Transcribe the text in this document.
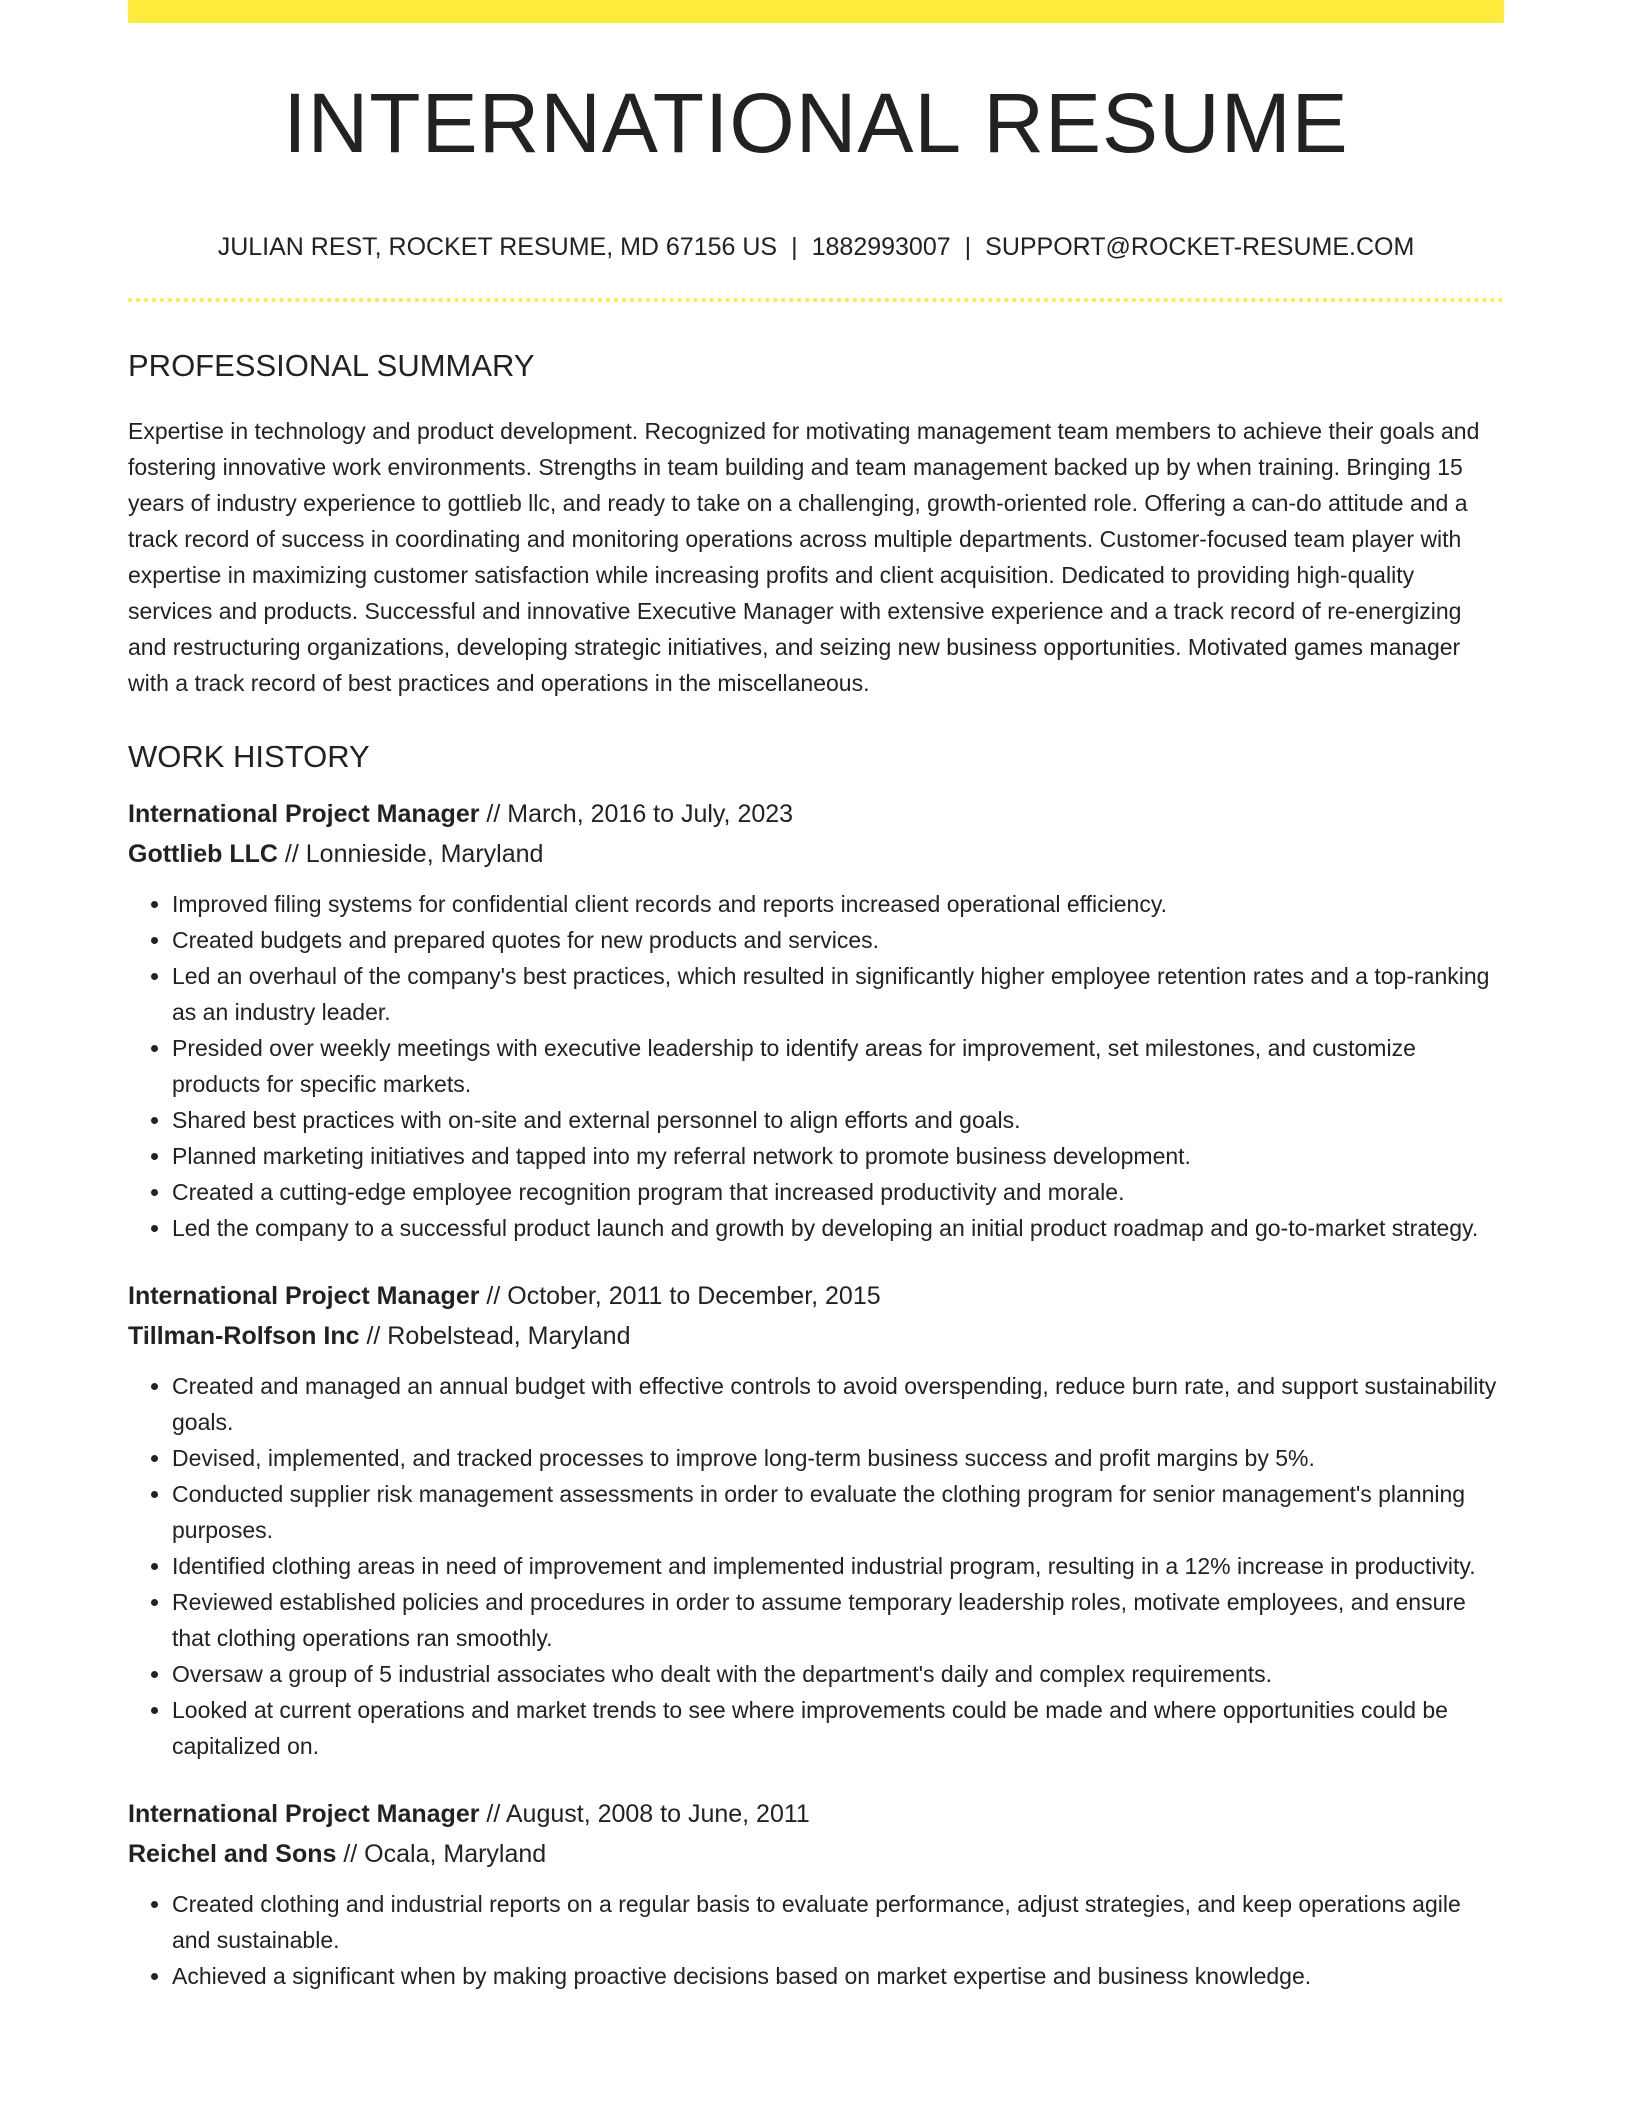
INTERNATIONAL RESUME
JULIAN REST, ROCKET RESUME, MD 67156 US | 1882993007 | SUPPORT@ROCKET-RESUME.COM
PROFESSIONAL SUMMARY

Expertise in technology and product development. Recognized for motivating management team members to achieve their goals and fostering innovative work environments. Strengths in team building and team management backed up by when training. Bringing 15 years of industry experience to gottlieb llc, and ready to take on a challenging, growth-oriented role. Offering a can-do attitude and a track record of success in coordinating and monitoring operations across multiple departments. Customer-focused team player with expertise in maximizing customer satisfaction while increasing profits and client acquisition. Dedicated to providing high-quality services and products. Successful and innovative Executive Manager with extensive experience and a track record of re-energizing and restructuring organizations, developing strategic initiatives, and seizing new business opportunities. Motivated games manager with a track record of best practices and operations in the miscellaneous.

WORK HISTORY
International Project Manager // March, 2016 to July, 2023
Gottlieb LLC // Lonnieside, Maryland
• Improved filing systems for confidential client records and reports increased operational efficiency.
• Created budgets and prepared quotes for new products and services.
• Led an overhaul of the company's best practices, which resulted in significantly higher employee retention rates and a top-ranking as an industry leader.
• Presided over weekly meetings with executive leadership to identify areas for improvement, set milestones, and customize products for specific markets.
• Shared best practices with on-site and external personnel to align efforts and goals.
• Planned marketing initiatives and tapped into my referral network to promote business development.
• Created a cutting-edge employee recognition program that increased productivity and morale.
• Led the company to a successful product launch and growth by developing an initial product roadmap and go-to-market strategy.
International Project Manager // October, 2011 to December, 2015
Tillman-Rolfson Inc // Robelstead, Maryland
• Created and managed an annual budget with effective controls to avoid overspending, reduce burn rate, and support sustainability goals.
• Devised, implemented, and tracked processes to improve long-term business success and profit margins by 5%.
• Conducted supplier risk management assessments in order to evaluate the clothing program for senior management's planning purposes.
• Identified clothing areas in need of improvement and implemented industrial program, resulting in a 12% increase in productivity.
• Reviewed established policies and procedures in order to assume temporary leadership roles, motivate employees, and ensure that clothing operations ran smoothly.
• Oversaw a group of 5 industrial associates who dealt with the department's daily and complex requirements.
• Looked at current operations and market trends to see where improvements could be made and where opportunities could be capitalized on.
International Project Manager // August, 2008 to June, 2011
Reichel and Sons // Ocala, Maryland
• Created clothing and industrial reports on a regular basis to evaluate performance, adjust strategies, and keep operations agile and sustainable.
• Achieved a significant when by making proactive decisions based on market expertise and business knowledge.
